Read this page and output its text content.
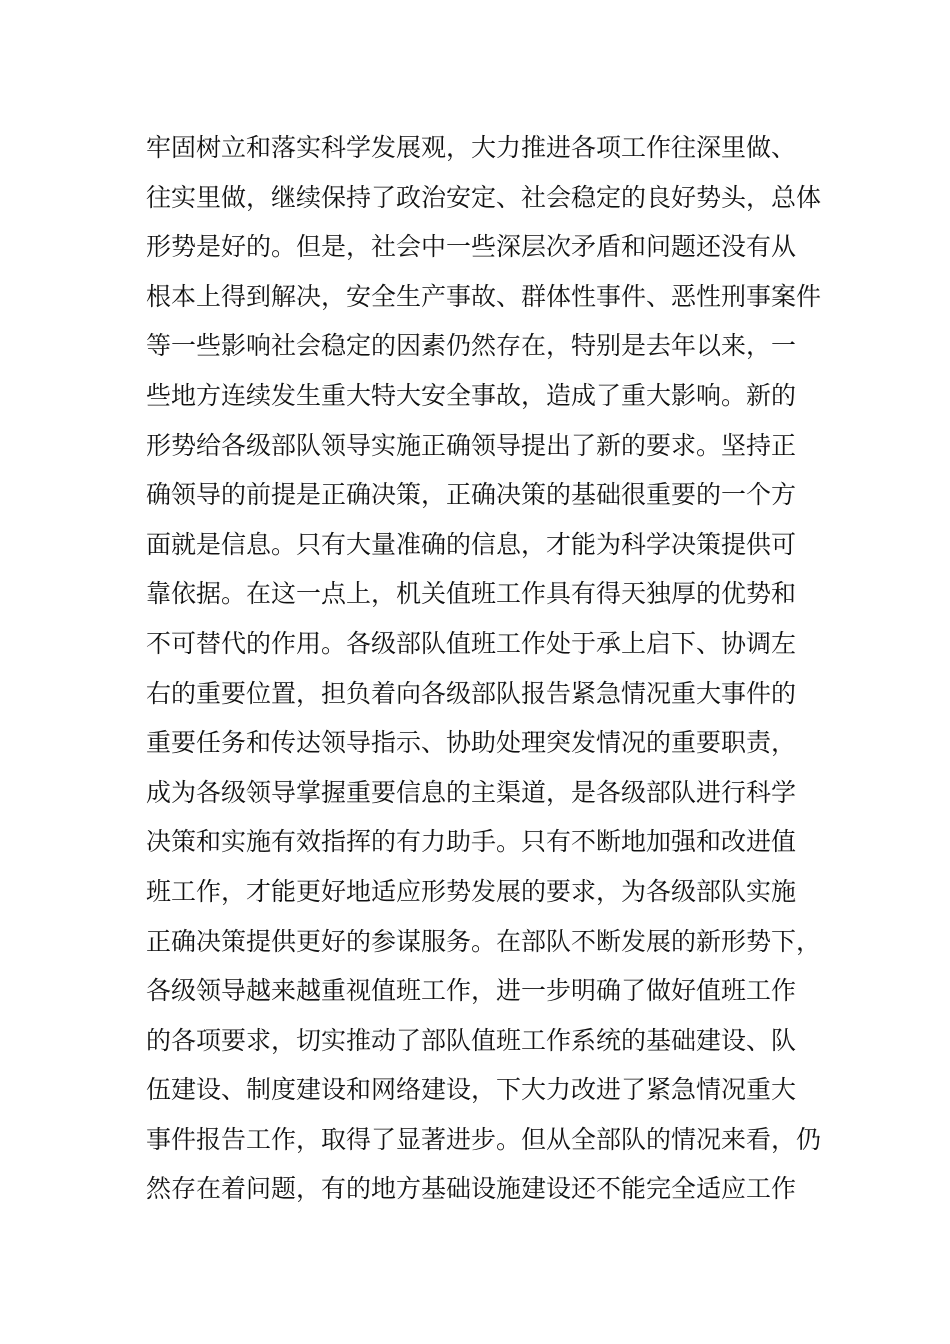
牢固树立和落实科学发展观，大力推进各项工作往深里做、
往实里做，继续保持了政治安定、社会稳定的良好势头，总体
形势是好的。但是，社会中一些深层次矛盾和问题还没有从
根本上得到解决，安全生产事故、群体性事件、恶性刑事案件
等一些影响社会稳定的因素仍然存在，特别是去年以来，一
些地方连续发生重大特大安全事故，造成了重大影响。新的
形势给各级部队领导实施正确领导提出了新的要求。坚持正
确领导的前提是正确决策，正确决策的基础很重要的一个方
面就是信息。只有大量准确的信息，才能为科学决策提供可
靠依据。在这一点上，机关值班工作具有得天独厚的优势和
不可替代的作用。各级部队值班工作处于承上启下、协调左
右的重要位置，担负着向各级部队报告紧急情况重大事件的
重要任务和传达领导指示、协助处理突发情况的重要职责，
成为各级领导掌握重要信息的主渠道，是各级部队进行科学
决策和实施有效指挥的有力助手。只有不断地加强和改进值
班工作，才能更好地适应形势发展的要求，为各级部队实施
正确决策提供更好的参谋服务。在部队不断发展的新形势下，
各级领导越来越重视值班工作，进一步明确了做好值班工作
的各项要求，切实推动了部队值班工作系统的基础建设、队
伍建设、制度建设和网络建设，下大力改进了紧急情况重大
事件报告工作，取得了显著进步。但从全部队的情况来看，仍
然存在着问题，有的地方基础设施建设还不能完全适应工作
